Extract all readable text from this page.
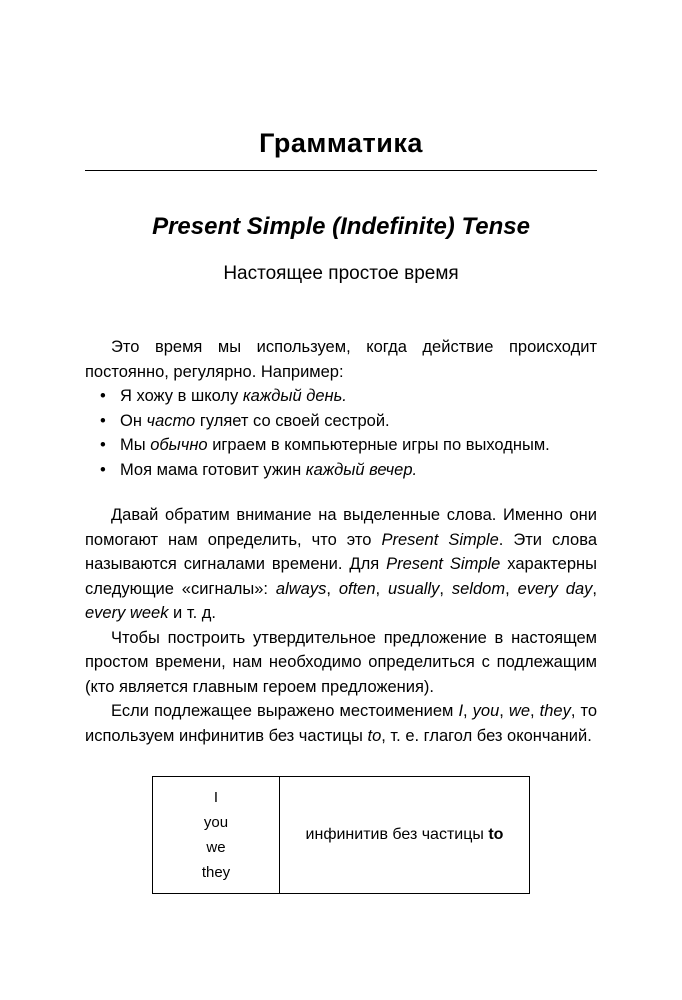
Грамматика
Present Simple (Indefinite) Tense
Настоящее простое время

Это время мы используем, когда действие происходит постоянно, регулярно. Например:

• Я хожу в школу каждый день.
• Он часто гуляет со своей сестрой.
• Мы обычно играем в компьютерные игры по выходным.
• Моя мама готовит ужин каждый вечер.

Давай обратим внимание на выделенные слова. Именно они помогают нам определить, что это Present Simple. Эти слова называются сигналами времени. Для Present Simple характерны следующие «сигналы»: always, often, usually, seldom, every day, every week и т. д.

Чтобы построить утвердительное предложение в настоящем простом времени, нам необходимо определиться с подлежащим (кто является главным героем предложения).

Если подлежащее выражено местоимением I, you, we, they, то используем инфинитив без частицы to, т. е. глагол без окончаний.

I
you
we
they
	инфинитив без частицы to
